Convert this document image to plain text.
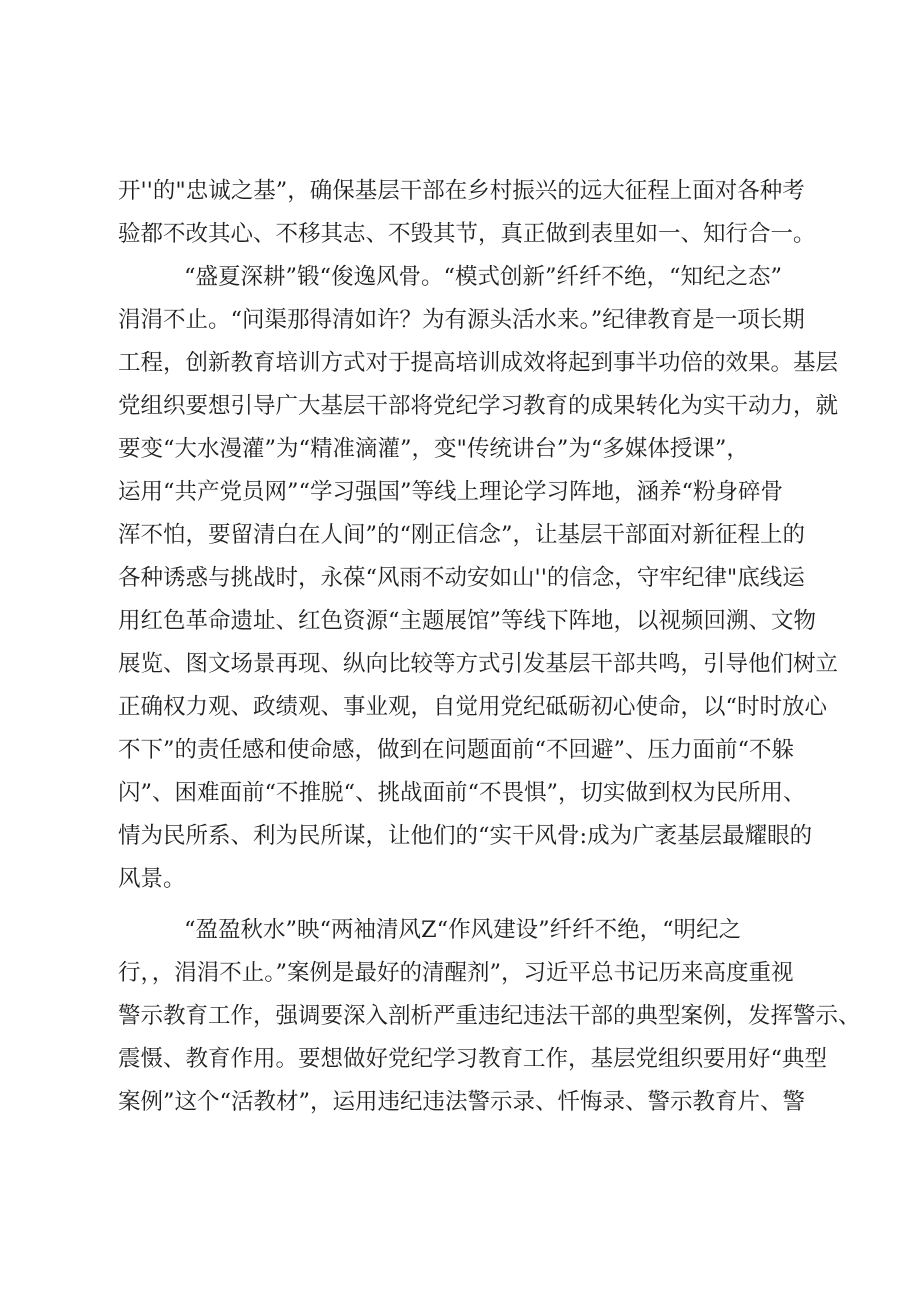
开''的"忠诚之基”，确保基层干部在乡村振兴的远大征程上面对各种考
验都不改其心、不移其志、不毁其节，真正做到表里如一、知行合一。
“盛夏深耕”锻“俊逸风骨。“模式创新”纤纤不绝，“知纪之态”
涓涓不止。“问渠那得清如许？为有源头活水来。”纪律教育是一项长期
工程，创新教育培训方式对于提高培训成效将起到事半功倍的效果。基层
党组织要想引导广大基层干部将党纪学习教育的成果转化为实干动力，就
要变“大水漫灌”为“精准滴灌”，变"传统讲台”为“多媒体授课”，
运用“共产党员网”“学习强国”等线上理论学习阵地，涵养“粉身碎骨
浑不怕，要留清白在人间”的“刚正信念”，让基层干部面对新征程上的
各种诱惑与挑战时，永葆“风雨不动安如山''的信念，守牢纪律"底线运
用红色革命遗址、红色资源“主题展馆”等线下阵地，以视频回溯、文物
展览、图文场景再现、纵向比较等方式引发基层干部共鸣，引导他们树立
正确权力观、政绩观、事业观，自觉用党纪砥砺初心使命，以“时时放心
不下”的责任感和使命感，做到在问题面前“不回避”、压力面前“不躲
闪”、困难面前“不推脱“、挑战面前“不畏惧”，切实做到权为民所用、
情为民所系、利为民所谋，让他们的“实干风骨:成为广袤基层最耀眼的
风景。
“盈盈秋水”映“两袖清风Z“作风建设”纤纤不绝，“明纪之
行，，涓涓不止。”案例是最好的清醒剂”，习近平总书记历来高度重视
警示教育工作，强调要深入剖析严重违纪违法干部的典型案例，发挥警示、
震慑、教育作用。要想做好党纪学习教育工作，基层党组织要用好“典型
案例”这个“活教材”，运用违纪违法警示录、忏悔录、警示教育片、警
